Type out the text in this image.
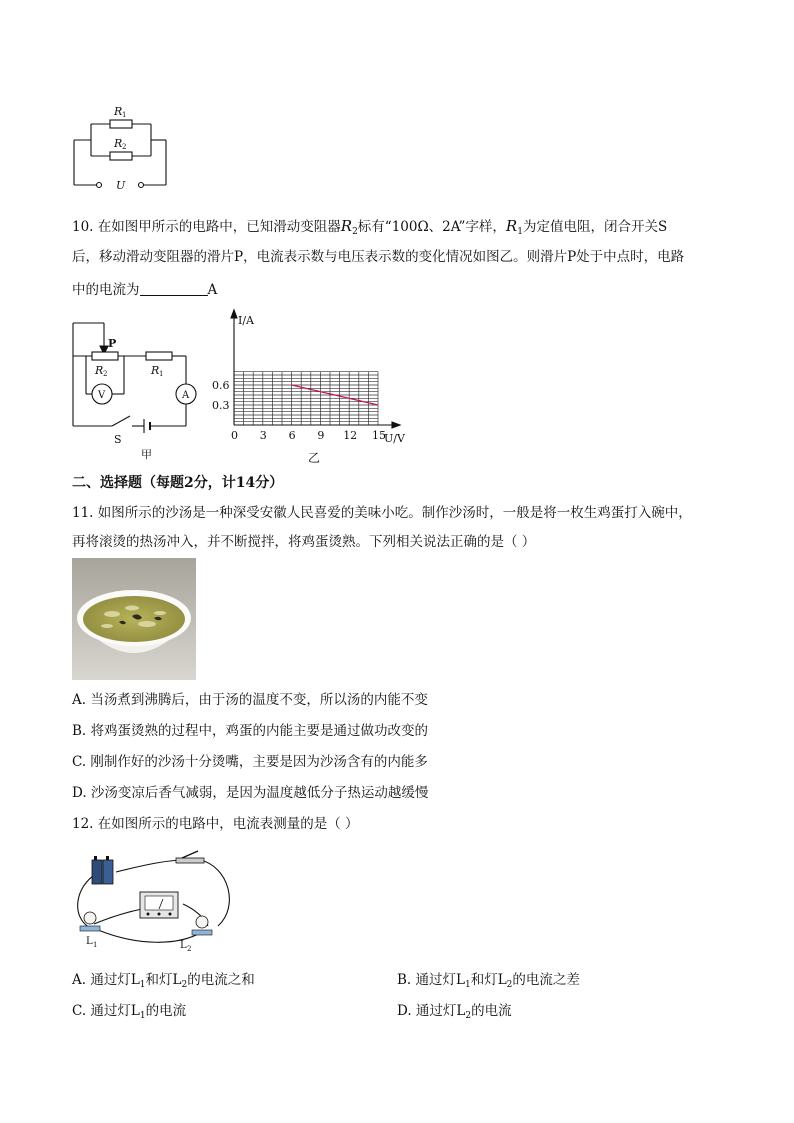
R 1
R 2
U
10. 在如图甲所示的电路中，已知滑动变阻器$R_2$标有“100Ω、2A”字样，$R_1$为定值电阻，闭合开关S
后，移动滑动变阻器的滑片P，电流表示数与电压表示数的变化情况如图乙。则滑片P处于中点时，电路
中的电流为	A
P
R 2	R 1
V	A
S
甲
0 3 6 9 12 15
0.6
0.3
I/A
U/V
乙
二、选择题（每题2分，计14分）
11. 如图所示的沙汤是一种深受安徽人民喜爱的美味小吃。制作沙汤时，一般是将一枚生鸡蛋打入碗中，
再将滚烫的热汤冲入，并不断搅拌，将鸡蛋烫熟。下列相关说法正确的是（ ）
A. 当汤煮到沸腾后，由于汤的温度不变，所以汤的内能不变
B. 将鸡蛋烫熟的过程中，鸡蛋的内能主要是通过做功改变的
C. 刚制作好的沙汤十分烫嘴，主要是因为沙汤含有的内能多
D. 沙汤变凉后香气减弱，是因为温度越低分子热运动越缓慢
12. 在如图所示的电路中，电流表测量的是（ ）
L 1	L 2
A. 通过灯$L_1$和灯$L_2$的电流之和	B. 通过灯$L_1$和灯$L_2$的电流之差
C. 通过灯$L_1$的电流	D. 通过灯$L_2$的电流
